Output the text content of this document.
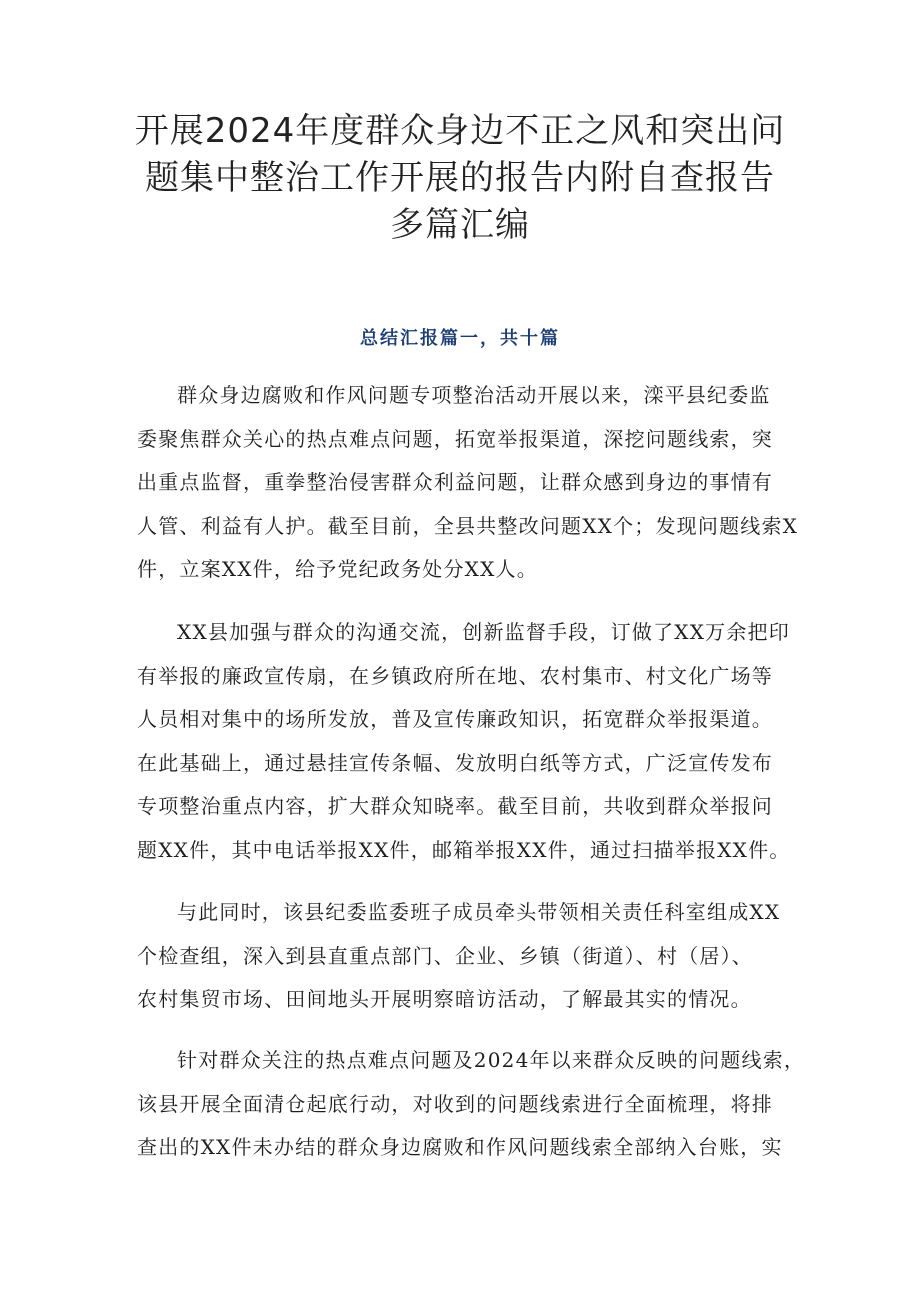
开展2024年度群众身边不正之风和突出问
题集中整治工作开展的报告内附自查报告
多篇汇编
总结汇报篇一，共十篇
群众身边腐败和作风问题专项整治活动开展以来，滦平县纪委监
委聚焦群众关心的热点难点问题，拓宽举报渠道，深挖问题线索，突
出重点监督，重拳整治侵害群众利益问题，让群众感到身边的事情有
人管、利益有人护。截至目前，全县共整改问题XX个；发现问题线索X
件，立案XX件，给予党纪政务处分XX人。
XX县加强与群众的沟通交流，创新监督手段，订做了XX万余把印
有举报的廉政宣传扇，在乡镇政府所在地、农村集市、村文化广场等
人员相对集中的场所发放，普及宣传廉政知识，拓宽群众举报渠道。
在此基础上，通过悬挂宣传条幅、发放明白纸等方式，广泛宣传发布
专项整治重点内容，扩大群众知晓率。截至目前，共收到群众举报问
题XX件，其中电话举报XX件，邮箱举报XX件，通过扫描举报XX件。
与此同时，该县纪委监委班子成员牵头带领相关责任科室组成XX
个检查组，深入到县直重点部门、企业、乡镇（街道）、村（居）、
农村集贸市场、田间地头开展明察暗访活动，了解最其实的情况。
针对群众关注的热点难点问题及2024年以来群众反映的问题线索，
该县开展全面清仓起底行动，对收到的问题线索进行全面梳理，将排
查出的XX件未办结的群众身边腐败和作风问题线索全部纳入台账，实
